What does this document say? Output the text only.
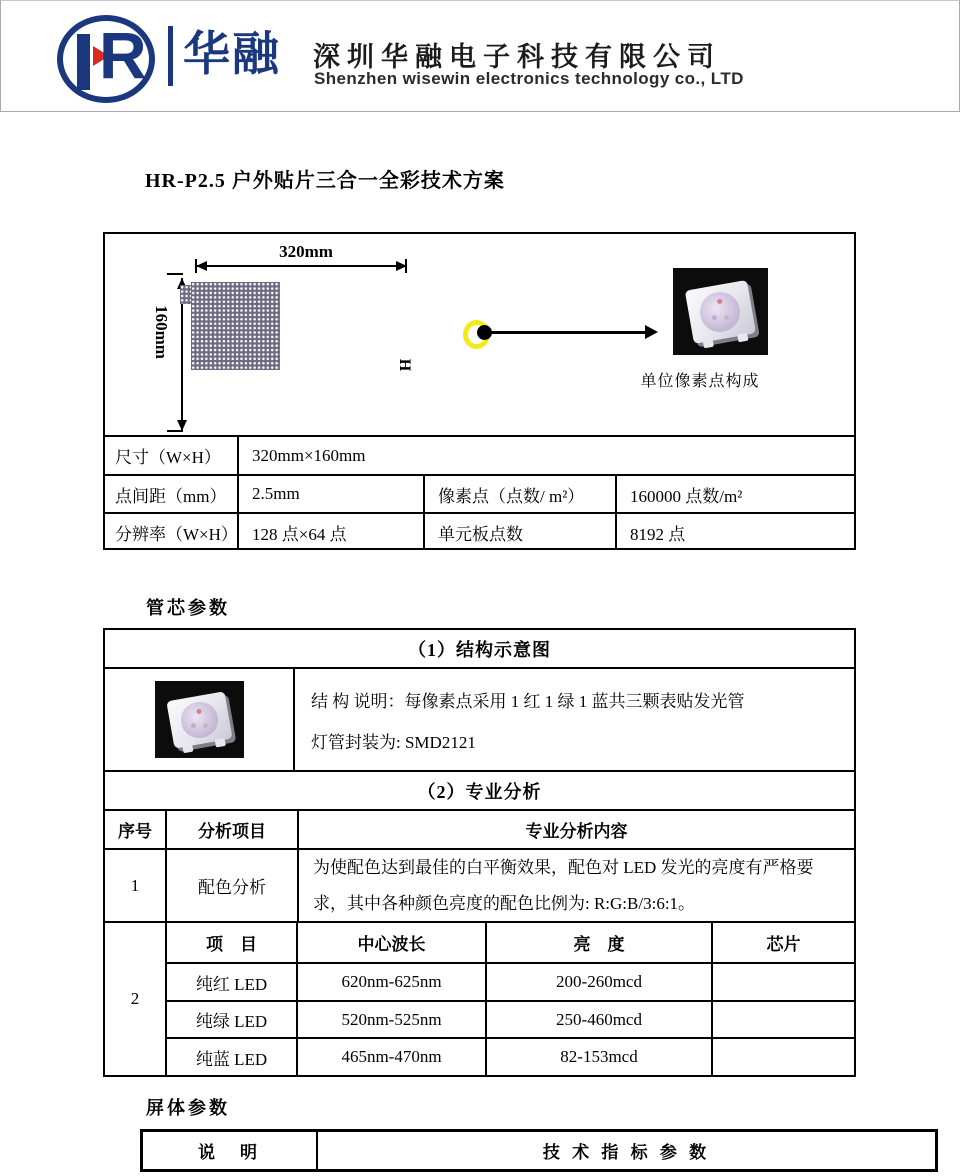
R 华融 深圳华融电子科技有限公司
Shenzhen wisewin electronics technology co., LTD
HR-P2.5 户外贴片三合一全彩技术方案
320mm
160mm
H
单位像素点构成
尺寸（W×H）	320mm×160mm
点间距（mm）	2.5mm	像素点（点数/ m²）	160000 点数/m²
分辨率（W×H） 128 点×64 点	单元板点数	8192 点
管芯参数
（1）结构示意图
结 构 说明：每像素点采用 1 红 1 绿 1 蓝共三颗表贴发光管
灯管封装为: SMD2121
（2）专业分析
序号	分析项目	专业分析内容
1	配色分析
为使配色达到最佳的白平衡效果，配色对 LED 发光的亮度有严格要求，其中各种颜色亮度的配色比例为: R:G:B/3:6:1。
2
项　目	中心波长	亮　度	芯片
纯红 LED	620nm-625nm	200-260mcd
纯绿 LED	520nm-525nm	250-460mcd
纯蓝 LED	465nm-470nm	82-153mcd
屏体参数
说　明	技 术 指 标 参 数
